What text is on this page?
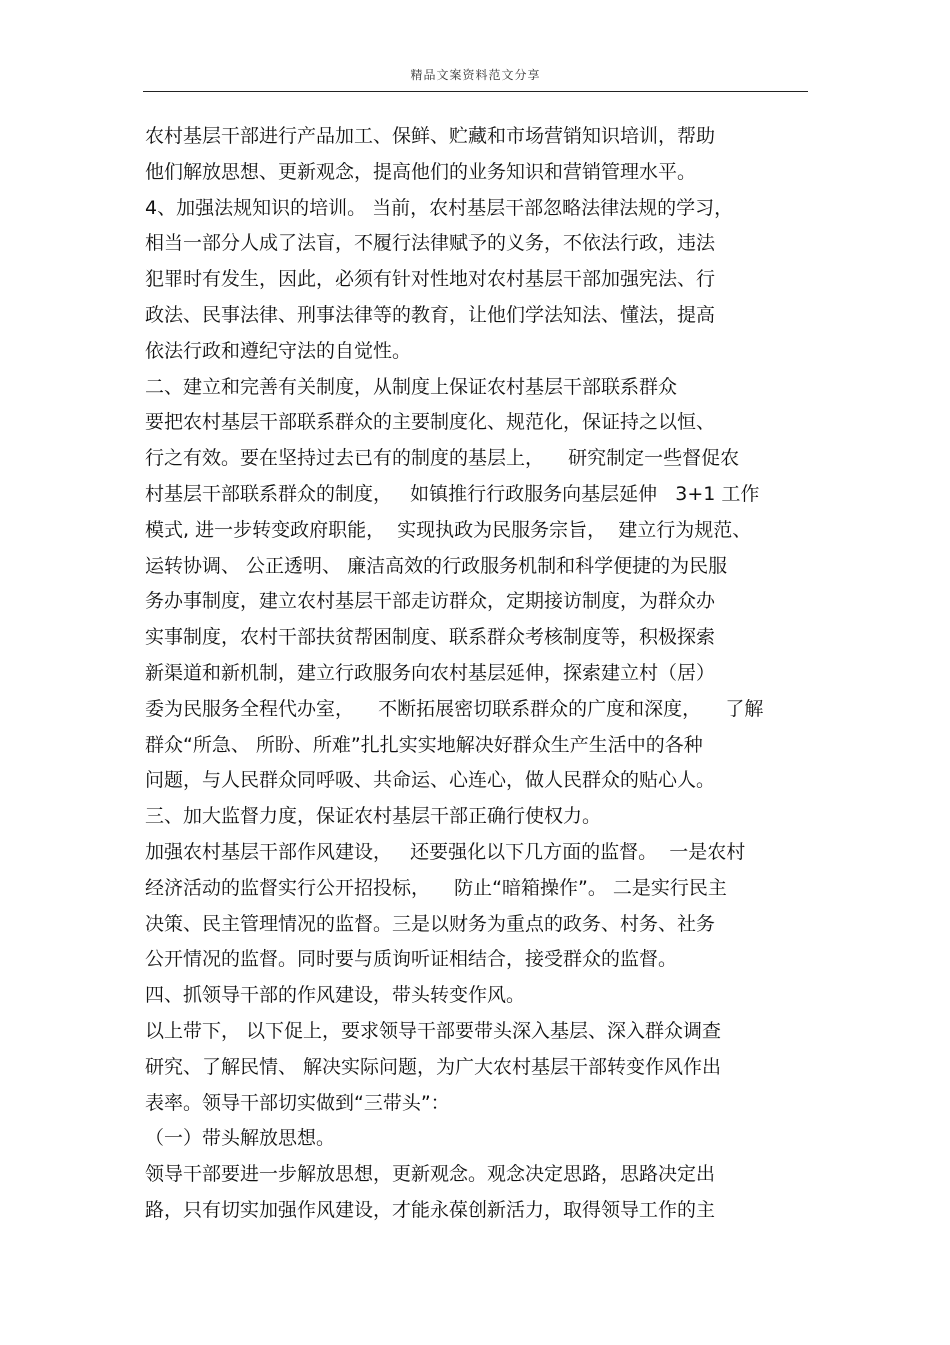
精品文案资料范文分享
农村基层干部进行产品加工、保鲜、贮藏和市场营销知识培训，帮助
他们解放思想、更新观念，提高他们的业务知识和营销管理水平。
4、加强法规知识的培训。 当前，农村基层干部忽略法律法规的学习，
相当一部分人成了法盲，不履行法律赋予的义务，不依法行政，违法
犯罪时有发生，因此，必须有针对性地对农村基层干部加强宪法、行
政法、民事法律、刑事法律等的教育，让他们学法知法、懂法，提高
依法行政和遵纪守法的自觉性。
二、建立和完善有关制度，从制度上保证农村基层干部联系群众
要把农村基层干部联系群众的主要制度化、规范化，保证持之以恒、
行之有效。要在坚持过去已有的制度的基层上，    研究制定一些督促农
村基层干部联系群众的制度，   如镇推行行政服务向基层延伸   3+1 工作
模式, 进一步转变政府职能，  实现执政为民服务宗旨，  建立行为规范、
运转协调、 公正透明、 廉洁高效的行政服务机制和科学便捷的为民服
务办事制度，建立农村基层干部走访群众，定期接访制度，为群众办
实事制度，农村干部扶贫帮困制度、联系群众考核制度等，积极探索
新渠道和新机制，建立行政服务向农村基层延伸，探索建立村（居）
委为民服务全程代办室，    不断拓展密切联系群众的广度和深度，    了解
群众“所急、 所盼、所难”扎扎实实地解决好群众生产生活中的各种
问题，与人民群众同呼吸、共命运、心连心，做人民群众的贴心人。
三、加大监督力度，保证农村基层干部正确行使权力。
加强农村基层干部作风建设，   还要强化以下几方面的监督。  一是农村
经济活动的监督实行公开招投标，    防止“暗箱操作”。 二是实行民主
决策、民主管理情况的监督。三是以财务为重点的政务、村务、社务
公开情况的监督。同时要与质询听证相结合，接受群众的监督。
四、抓领导干部的作风建设，带头转变作风。
以上带下， 以下促上，要求领导干部要带头深入基层、深入群众调查
研究、了解民情、 解决实际问题，为广大农村基层干部转变作风作出
表率。领导干部切实做到“三带头”：
（一）带头解放思想。
领导干部要进一步解放思想，更新观念。观念决定思路，思路决定出
路，只有切实加强作风建设，才能永葆创新活力，取得领导工作的主
